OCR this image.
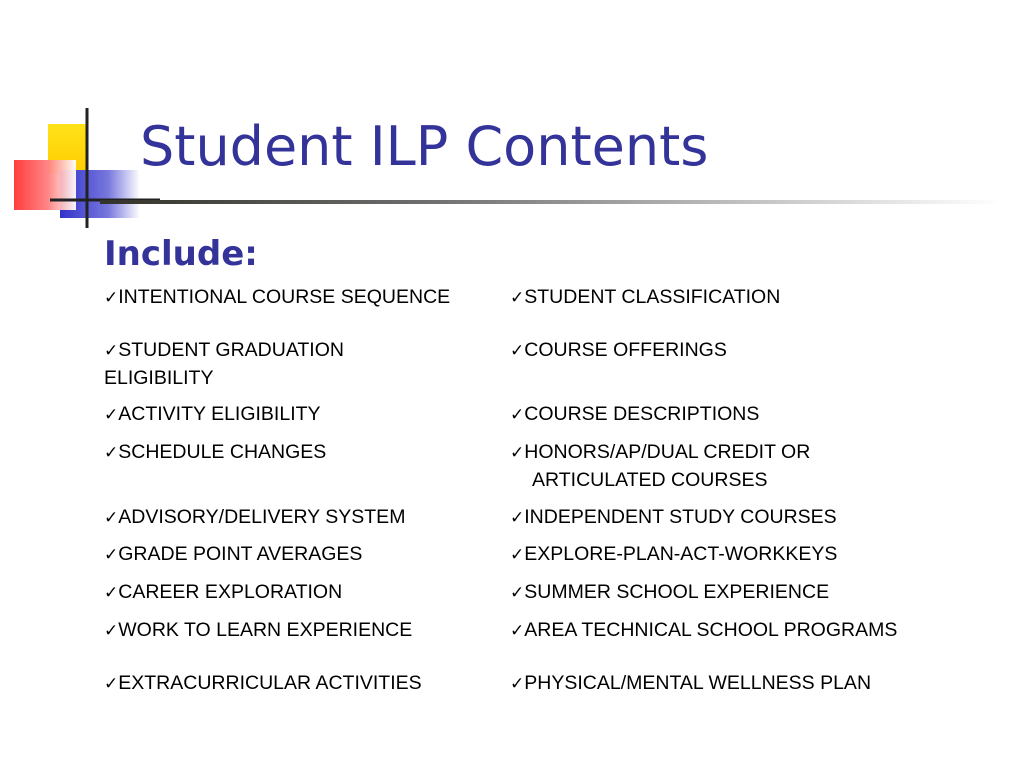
Student ILP Contents
Include:
✓INTENTIONAL COURSE SEQUENCE
✓STUDENT GRADUATION
ELIGIBILITY
✓ACTIVITY ELIGIBILITY
✓SCHEDULE CHANGES
✓ADVISORY/DELIVERY SYSTEM
✓GRADE POINT AVERAGES
✓CAREER EXPLORATION
✓WORK TO LEARN EXPERIENCE
✓EXTRACURRICULAR ACTIVITIES
✓STUDENT CLASSIFICATION
✓COURSE OFFERINGS
✓COURSE DESCRIPTIONS
✓HONORS/AP/DUAL CREDIT OR
ARTICULATED COURSES
✓INDEPENDENT STUDY COURSES
✓EXPLORE-PLAN-ACT-WORKKEYS
✓SUMMER SCHOOL EXPERIENCE
✓AREA TECHNICAL SCHOOL PROGRAMS
✓PHYSICAL/MENTAL WELLNESS PLAN
